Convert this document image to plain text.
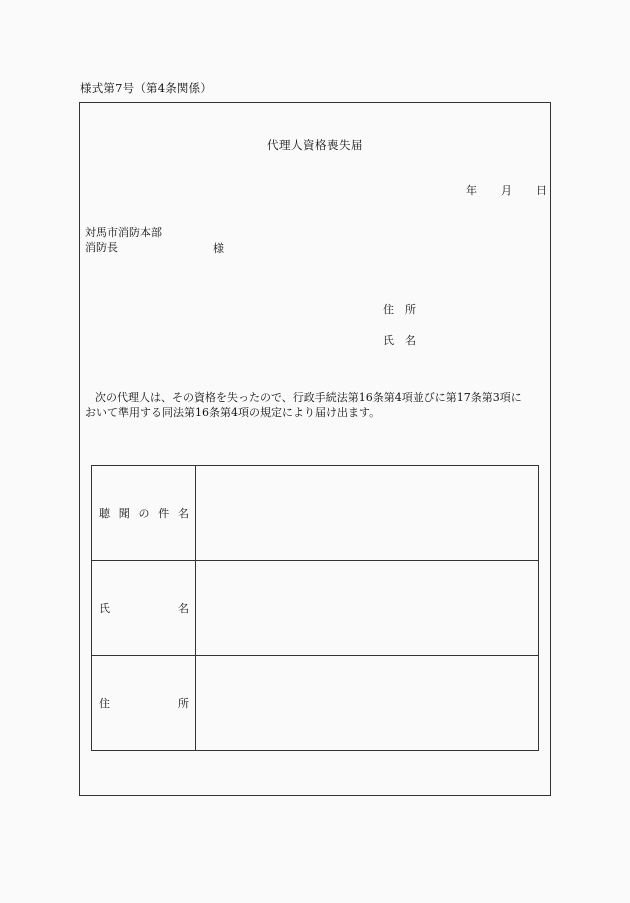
様式第7号（第4条関係）
代理人資格喪失届
年 月 日
対馬市消防本部
消防長	様
住　所
氏　名
次の代理人は、その資格を失ったので、行政手続法第16条第4項並びに第17条第3項に
おいて準用する同法第16条第4項の規定により届け出ます。
聴 聞 の 件 名	

氏 名	

住 所	
